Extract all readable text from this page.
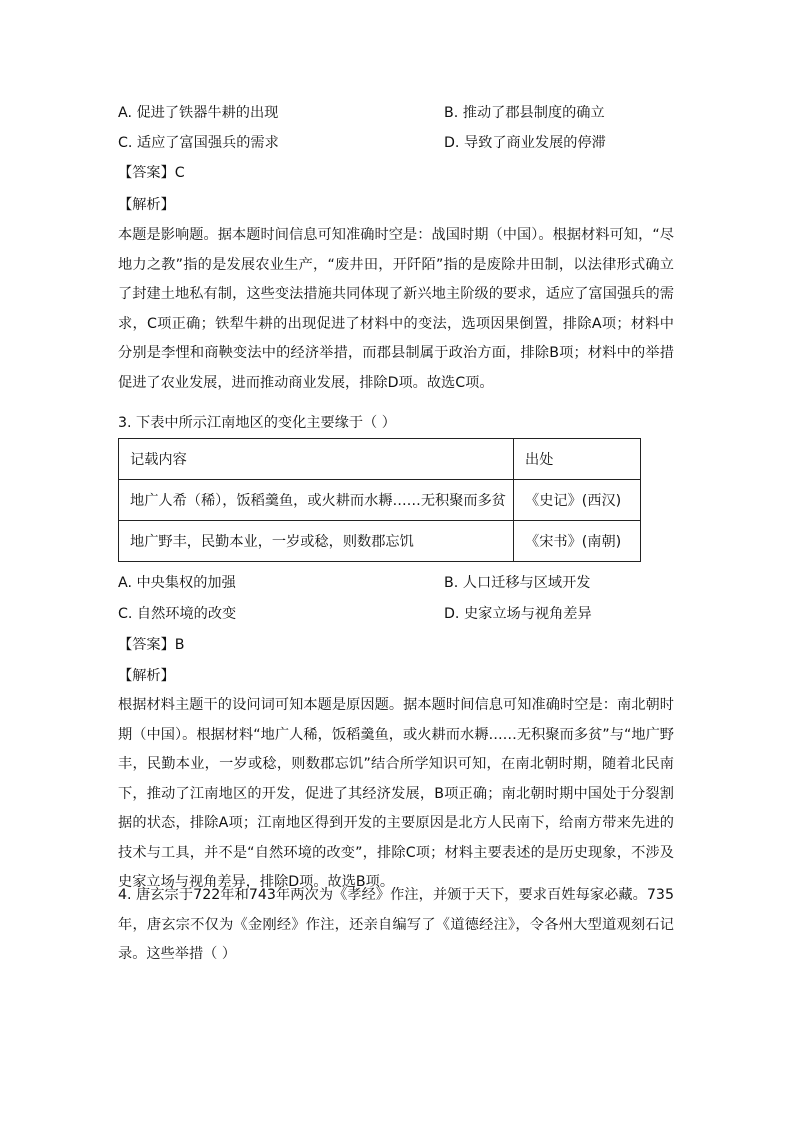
A. 促进了铁器牛耕的出现	B. 推动了郡县制度的确立
C. 适应了富国强兵的需求	D. 导致了商业发展的停滞
【答案】C
【解析】
本题是影响题。据本题时间信息可知准确时空是：战国时期（中国）。根据材料可知，“尽地力之教”指的是发展农业生产，“废井田，开阡陌”指的是废除井田制，以法律形式确立了封建土地私有制，这些变法措施共同体现了新兴地主阶级的要求，适应了富国强兵的需求，C项正确；铁犁牛耕的出现促进了材料中的变法，选项因果倒置，排除A项；材料中分别是李悝和商鞅变法中的经济举措，而郡县制属于政治方面，排除B项；材料中的举措促进了农业发展，进而推动商业发展，排除D项。故选C项。
3. 下表中所示江南地区的变化主要缘于（ ）
记载内容	出处
地广人希（稀），饭稻羹鱼，或火耕而水耨……无积聚而多贫	《史记》(西汉)
地广野丰，民勤本业，一岁或稔，则数郡忘饥	《宋书》(南朝)
A. 中央集权的加强	B. 人口迁移与区域开发
C. 自然环境的改变	D. 史家立场与视角差异
【答案】B
【解析】
根据材料主题干的设问词可知本题是原因题。据本题时间信息可知准确时空是：南北朝时期（中国）。根据材料“地广人稀，饭稻羹鱼，或火耕而水耨……无积聚而多贫”与“地广野丰，民勤本业，一岁或稔，则数郡忘饥”结合所学知识可知，在南北朝时期，随着北民南下，推动了江南地区的开发，促进了其经济发展，B项正确；南北朝时期中国处于分裂割据的状态，排除A项；江南地区得到开发的主要原因是北方人民南下，给南方带来先进的技术与工具，并不是“自然环境的改变”，排除C项；材料主要表述的是历史现象，不涉及史家立场与视角差异，排除D项。故选B项。
4. 唐玄宗于722年和743年两次为《孝经》作注，并颁于天下，要求百姓每家必藏。735年，唐玄宗不仅为《金刚经》作注，还亲自编写了《道德经注》，令各州大型道观刻石记录。这些举措（ ）
